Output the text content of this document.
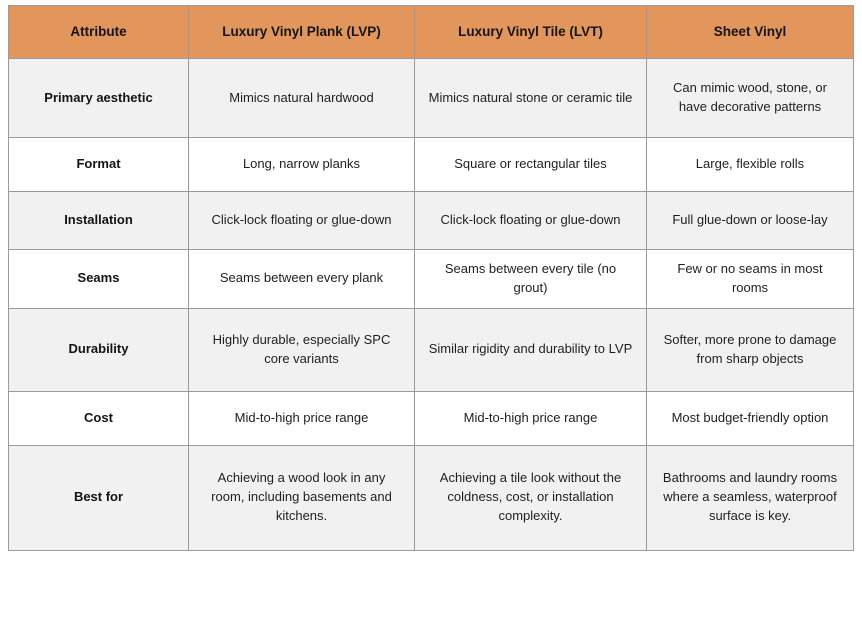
Attribute	Luxury Vinyl Plank (LVP)	Luxury Vinyl Tile (LVT)	Sheet Vinyl
Primary aesthetic	Mimics natural hardwood	Mimics natural stone or ceramic tile	Can mimic wood, stone, or have decorative patterns
Format	Long, narrow planks	Square or rectangular tiles	Large, flexible rolls
Installation	Click-lock floating or glue-down	Click-lock floating or glue-down	Full glue-down or loose-lay
Seams	Seams between every plank	Seams between every tile (no grout)	Few or no seams in most rooms
Durability	Highly durable, especially SPC core variants	Similar rigidity and durability to LVP	Softer, more prone to damage from sharp objects
Cost	Mid-to-high price range	Mid-to-high price range	Most budget-friendly option
Best for	Achieving a wood look in any room, including basements and kitchens.	Achieving a tile look without the coldness, cost, or installation complexity.	Bathrooms and laundry rooms where a seamless, waterproof surface is key.
